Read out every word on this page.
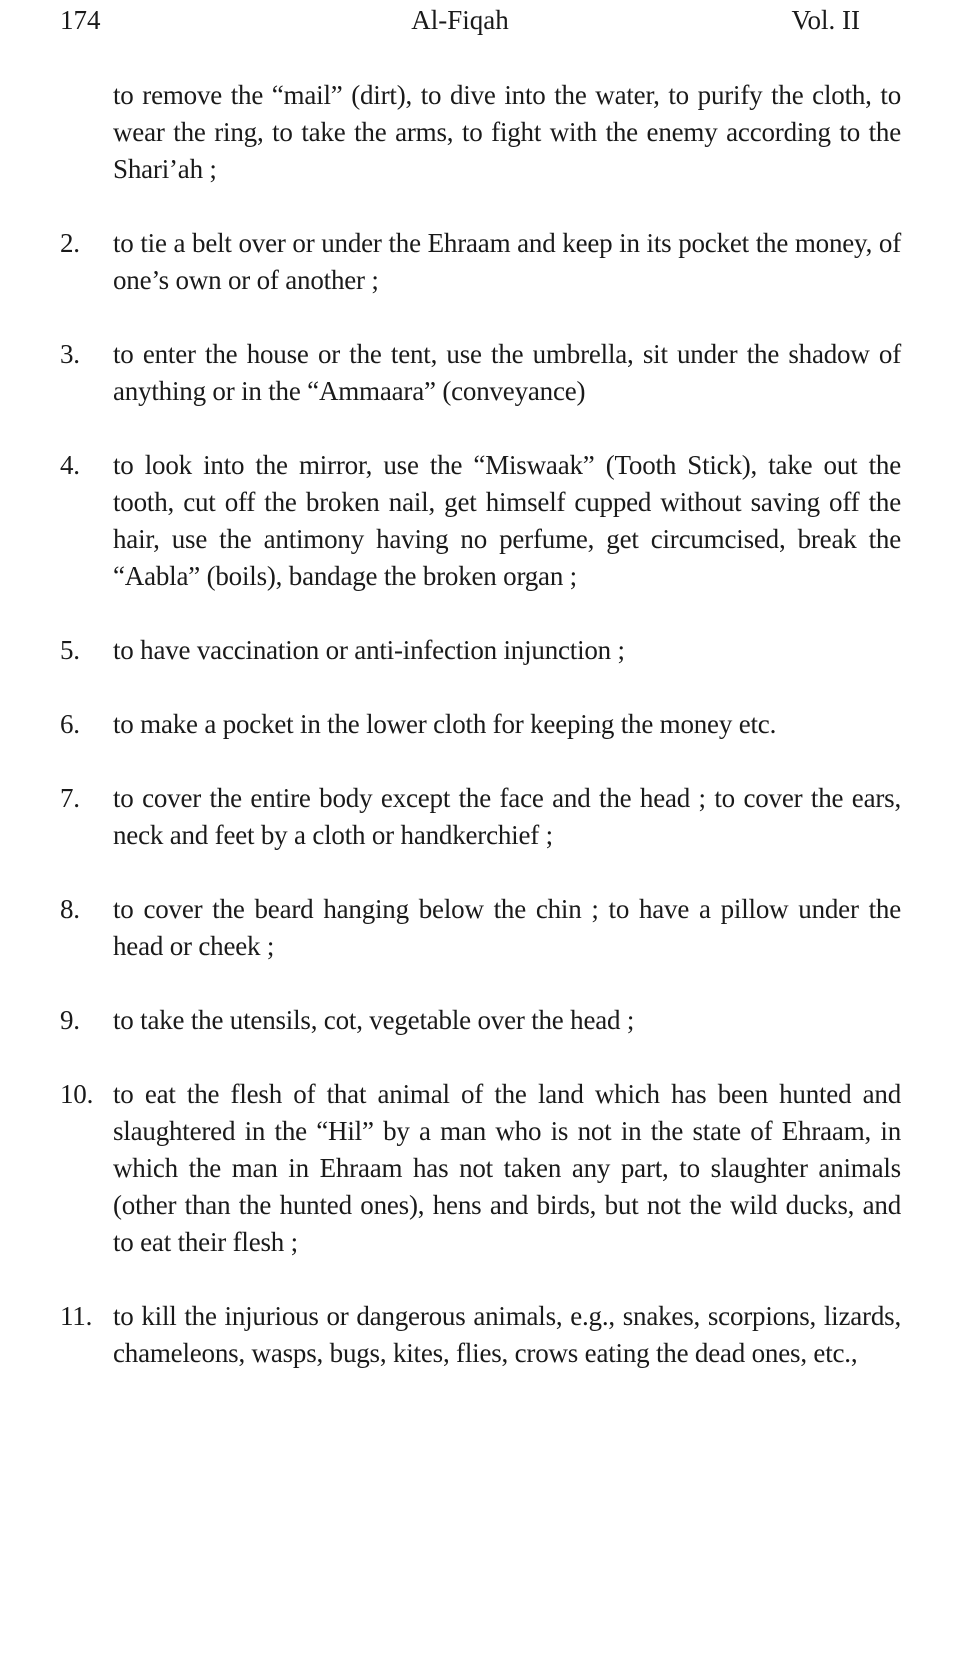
174	Al-Fiqah	Vol. II
to remove the “mail” (dirt), to dive into the water, to purify the cloth, to wear the ring, to take the arms, to fight with the enemy according to the Shari’ah ;
2. to tie a belt over or under the Ehraam and keep in its pocket the money, of one’s own or of another ;
3. to enter the house or the tent, use the umbrella, sit under the shadow of anything or in the “Ammaara” (conveyance)
4. to look into the mirror, use the “Miswaak” (Tooth Stick), take out the tooth, cut off the broken nail, get himself cupped without saving off the hair, use the antimony having no perfume, get circumcised, break the “Aabla” (boils), bandage the broken organ ;
5. to have vaccination or anti-infection injunction ;
6. to make a pocket in the lower cloth for keeping the money etc.
7. to cover the entire body except the face and the head ; to cover the ears, neck and feet by a cloth or handkerchief ;
8. to cover the beard hanging below the chin ; to have a pillow under the head or cheek ;
9. to take the utensils, cot, vegetable over the head ;
10. to eat the flesh of that animal of the land which has been hunted and slaughtered in the “Hil” by a man who is not in the state of Ehraam, in which the man in Ehraam has not taken any part, to slaughter animals (other than the hunted ones), hens and birds, but not the wild ducks, and to eat their flesh ;
11. to kill the injurious or dangerous animals, e.g., snakes, scorpions, lizards, chameleons, wasps, bugs, kites, flies, crows eating the dead ones, etc.,
